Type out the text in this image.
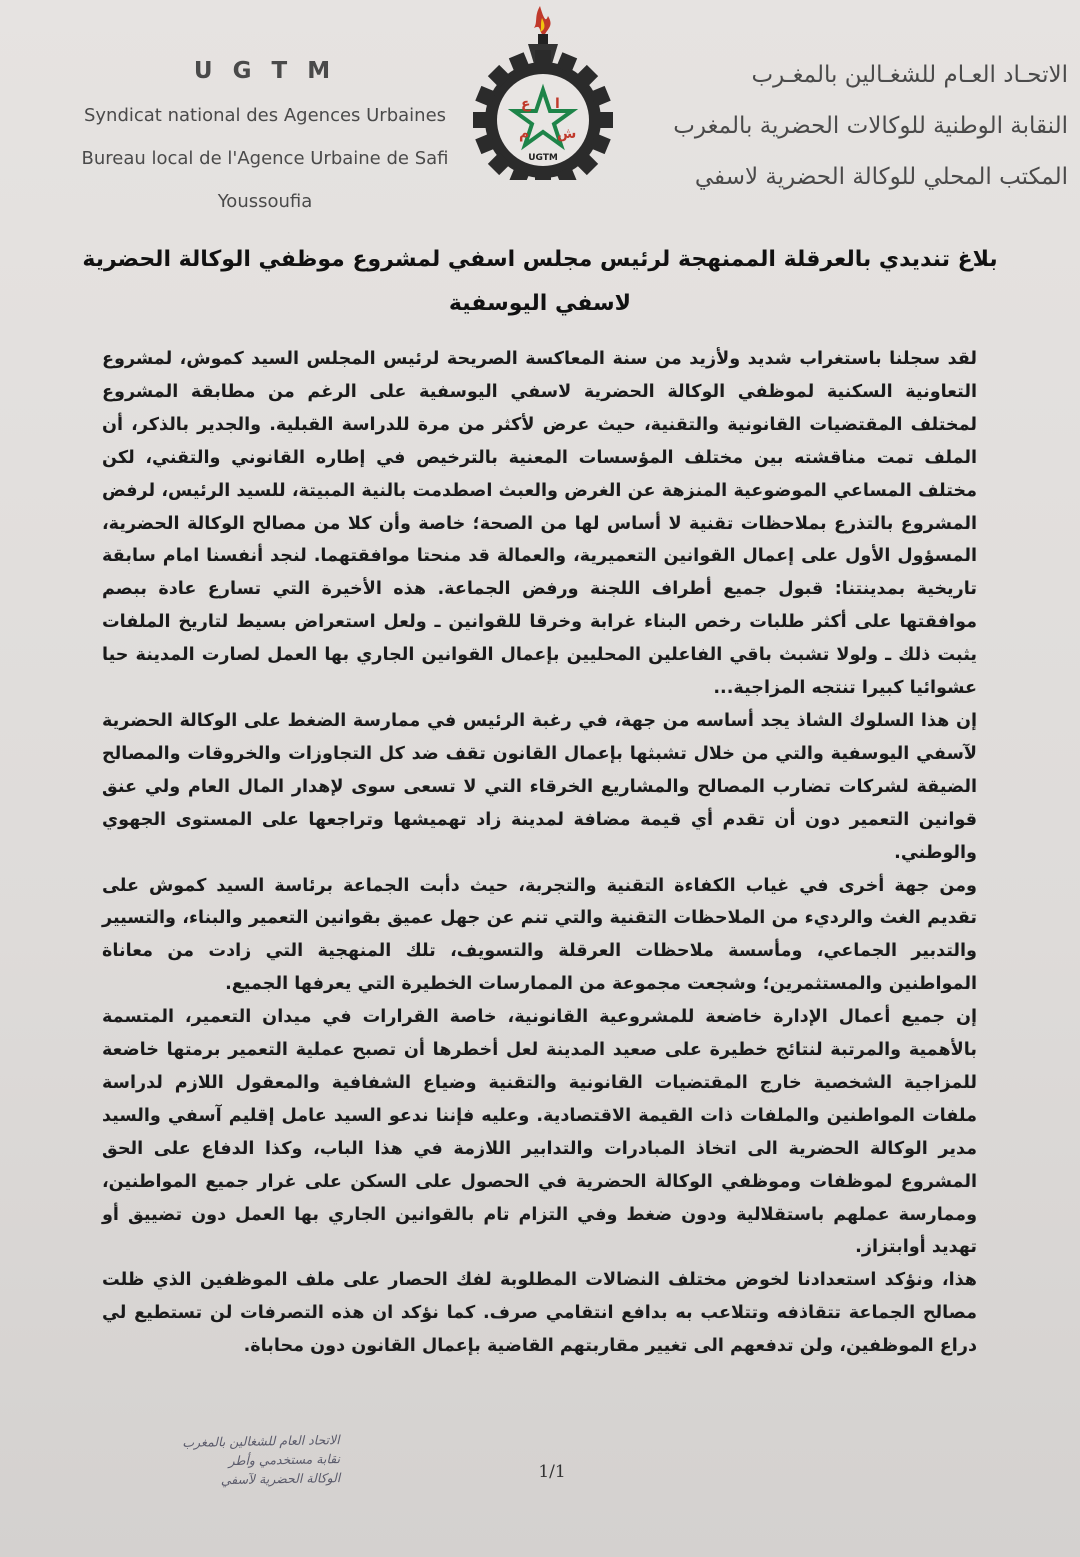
U G T M
Syndicat national des Agences Urbaines
Bureau local de l'Agence Urbaine de Safi
Youssoufia
ع ا
م ش
UGTM
الاتحـاد العـام للشغـالين بالمغـرب
النقابة الوطنية للوكالات الحضرية بالمغرب
المكتب المحلي للوكالة الحضرية لاسفي
بلاغ تنديدي بالعرقلة الممنهجة لرئيس مجلس اسفي لمشروع موظفي الوكالة الحضرية
لاسفي اليوسفية

لقد سجلنا باستغراب شديد ولأزيد من سنة المعاكسة الصريحة لرئيس المجلس السيد كموش، لمشروع التعاونية السكنية لموظفي الوكالة الحضرية لاسفي اليوسفية على الرغم من مطابقة المشروع لمختلف المقتضيات القانونية والتقنية، حيث عرض لأكثر من مرة للدراسة القبلية. والجدير بالذكر، أن الملف تمت مناقشته بين مختلف المؤسسات المعنية بالترخيص في إطاره القانوني والتقني، لكن مختلف المساعي الموضوعية المنزهة عن الغرض والعبث اصطدمت بالنية المبيتة، للسيد الرئيس، لرفض المشروع بالتذرع بملاحظات تقنية لا أساس لها من الصحة؛ خاصة وأن كلا من مصالح الوكالة الحضرية، المسؤول الأول على إعمال القوانين التعميرية، والعمالة قد منحتا موافقتهما. لنجد أنفسنا امام سابقة تاريخية بمدينتنا: قبول جميع أطراف اللجنة ورفض الجماعة. هذه الأخيرة التي تسارع عادة ببصم موافقتها على أكثر طلبات رخص البناء غرابة وخرقا للقوانين ـ ولعل استعراض بسيط لتاريخ الملفات يثبت ذلك ـ ولولا تشبث باقي الفاعلين المحليين بإعمال القوانين الجاري بها العمل لصارت المدينة حيا عشوائيا كبيرا تنتجه المزاجية...

إن هذا السلوك الشاذ يجد أساسه من جهة، في رغبة الرئيس في ممارسة الضغط على الوكالة الحضرية لآسفي اليوسفية والتي من خلال تشبثها بإعمال القانون تقف ضد كل التجاوزات والخروقات والمصالح الضيقة لشركات تضارب المصالح والمشاريع الخرقاء التي لا تسعى سوى لإهدار المال العام ولي عنق قوانين التعمير دون أن تقدم أي قيمة مضافة لمدينة زاد تهميشها وتراجعها على المستوى الجهوي والوطني.

ومن جهة أخرى في غياب الكفاءة التقنية والتجربة، حيث دأبت الجماعة برئاسة السيد كموش على تقديم الغث والرديء من الملاحظات التقنية والتي تنم عن جهل عميق بقوانين التعمير والبناء، والتسيير والتدبير الجماعي، ومأسسة ملاحظات العرقلة والتسويف، تلك المنهجية التي زادت من معاناة المواطنين والمستثمرين؛ وشجعت مجموعة من الممارسات الخطيرة التي يعرفها الجميع.

إن جميع أعمال الإدارة خاضعة للمشروعية القانونية، خاصة القرارات في ميدان التعمير، المتسمة بالأهمية والمرتبة لنتائج خطيرة على صعيد المدينة لعل أخطرها أن تصبح عملية التعمير برمتها خاضعة للمزاجية الشخصية خارج المقتضيات القانونية والتقنية وضياع الشفافية والمعقول اللازم لدراسة ملفات المواطنين والملفات ذات القيمة الاقتصادية. وعليه فإننا ندعو السيد عامل إقليم آسفي والسيد مدير الوكالة الحضرية الى اتخاذ المبادرات والتدابير اللازمة في هذا الباب، وكذا الدفاع على الحق المشروع لموظفات وموظفي الوكالة الحضرية في الحصول على السكن على غرار جميع المواطنين، وممارسة عملهم باستقلالية ودون ضغط وفي التزام تام بالقوانين الجاري بها العمل دون تضييق أو تهديد أوابتزاز.

هذا، ونؤكد استعدادنا لخوض مختلف النضالات المطلوبة لفك الحصار على ملف الموظفين الذي ظلت مصالح الجماعة تتقاذفه وتتلاعب به بدافع انتقامي صرف. كما نؤكد ان هذه التصرفات لن تستطيع لي دراع الموظفين، ولن تدفعهم الى تغيير مقاربتهم القاضية بإعمال القانون دون محاباة.

الاتحاد العام للشغالين بالمغرب
نقابة مستخدمي وأطر
الوكالة الحضرية لآسفي	1/1
